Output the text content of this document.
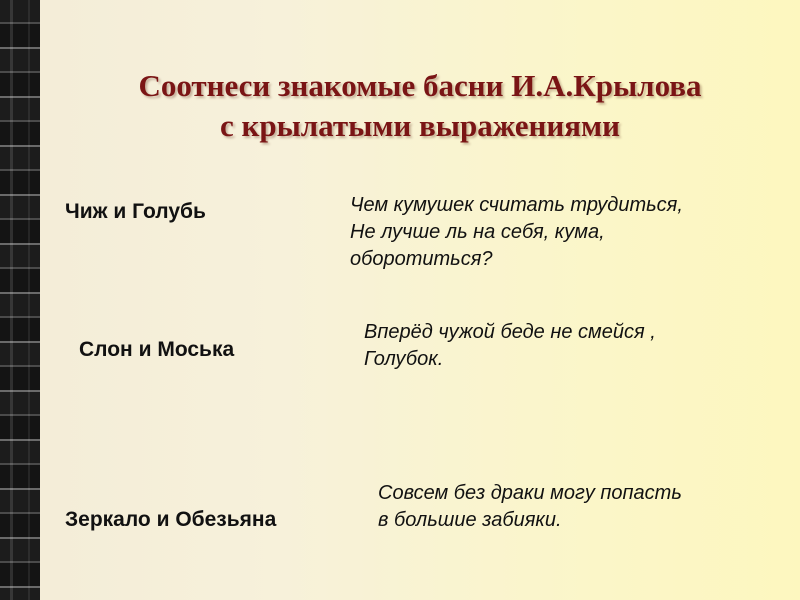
Соотнеси знакомые басни И.А.Крылова
с крылатыми выражениями
Чиж и Голубь
Слон и Моська
Зеркало и Обезьяна
Чем кумушек считать трудиться,
Не лучше ль на себя, кума,
оборотиться?
Вперёд чужой беде не смейся ,
Голубок.
Совсем без драки могу попасть
в большие забияки.
